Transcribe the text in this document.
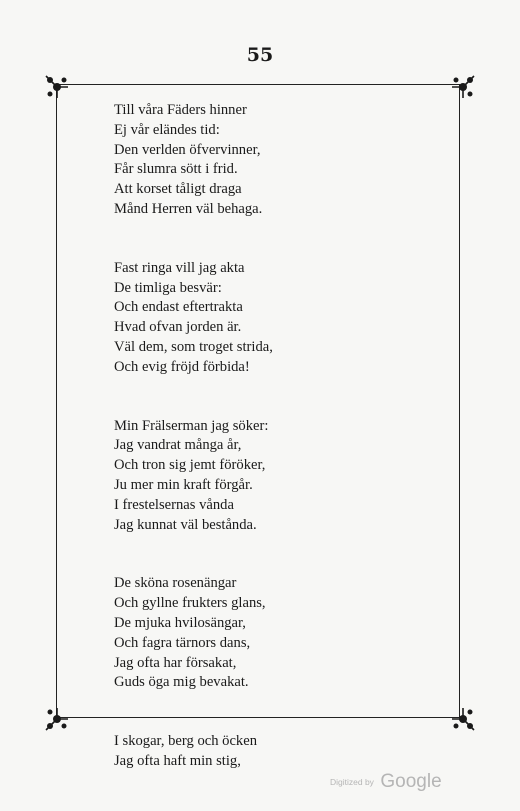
55
Till våra Fäders hinner
Ej vår eländes tid:
Den verlden öfvervinner,
Får slumra sött i frid.
Att korset tåligt draga
Månd Herren väl behaga.
Fast ringa vill jag akta
De timliga besvär:
Och endast eftertrakta
Hvad ofvan jorden är.
Väl dem, som troget strida,
Och evig fröjd förbida!
Min Frälserman jag söker:
Jag vandrat många år,
Och tron sig jemt föröker,
Ju mer min kraft förgår.
I frestelsernas vånda
Jag kunnat väl bestånda.
De sköna rosenängar
Och gyllne frukters glans,
De mjuka hvilosängar,
Och fagra tärnors dans,
Jag ofta har försakat,
Guds öga mig bevakat.
I skogar, berg och öcken
Jag ofta haft min stig,
Digitized by Google
